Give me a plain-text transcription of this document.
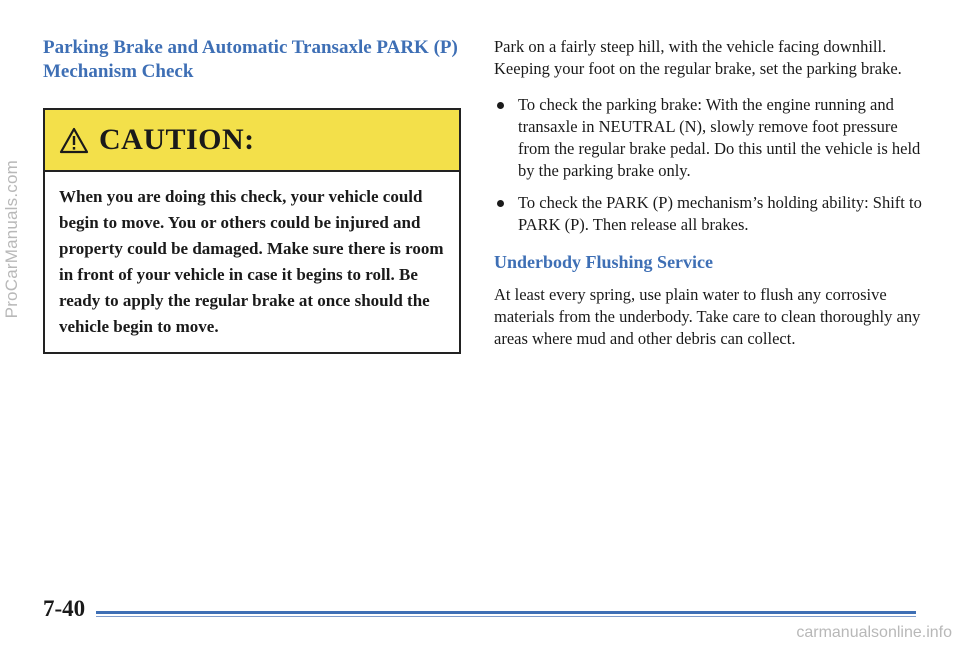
ProCarManuals.com
Parking Brake and Automatic Transaxle PARK (P) Mechanism Check
CAUTION:
When you are doing this check, your vehicle could begin to move. You or others could be injured and property could be damaged. Make sure there is room in front of your vehicle in case it begins to roll. Be ready to apply the regular brake at once should the vehicle begin to move.

Park on a fairly steep hill, with the vehicle facing downhill. Keeping your foot on the regular brake, set the parking brake.

To check the parking brake: With the engine running and transaxle in NEUTRAL (N), slowly remove foot pressure from the regular brake pedal. Do this until the vehicle is held by the parking brake only.
To check the PARK (P) mechanism’s holding ability: Shift to PARK (P). Then release all brakes.
Underbody Flushing Service

At least every spring, use plain water to flush any corrosive materials from the underbody. Take care to clean thoroughly any areas where mud and other debris can collect.

7-40
carmanualsonline.info
